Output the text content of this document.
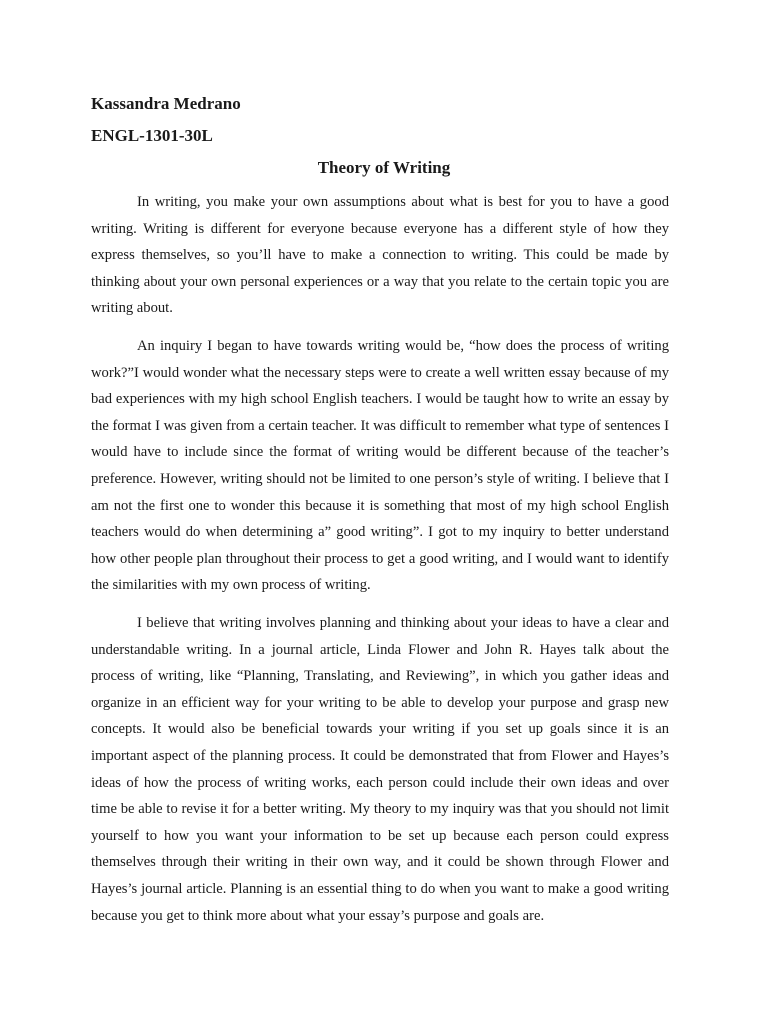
Kassandra Medrano
ENGL-1301-30L
Theory of Writing

In writing, you make your own assumptions about what is best for you to have a good writing. Writing is different for everyone because everyone has a different style of how they express themselves, so you’ll have to make a connection to writing. This could be made by thinking about your own personal experiences or a way that you relate to the certain topic you are writing about.

An inquiry I began to have towards writing would be, “how does the process of writing work?”I would wonder what the necessary steps were to create a well written essay because of my bad experiences with my high school English teachers. I would be taught how to write an essay by the format I was given from a certain teacher. It was difficult to remember what type of sentences I would have to include since the format of writing would be different because of the teacher’s preference. However, writing should not be limited to one person’s style of writing. I believe that I am not the first one to wonder this because it is something that most of my high school English teachers would do when determining a” good writing”. I got to my inquiry to better understand how other people plan throughout their process to get a good writing, and I would want to identify the similarities with my own process of writing.

I believe that writing involves planning and thinking about your ideas to have a clear and understandable writing. In a journal article, Linda Flower and John R. Hayes talk about the process of writing, like “Planning, Translating, and Reviewing”, in which you gather ideas and organize in an efficient way for your writing to be able to develop your purpose and grasp new concepts. It would also be beneficial towards your writing if you set up goals since it is an important aspect of the planning process. It could be demonstrated that from Flower and Hayes’s ideas of how the process of writing works, each person could include their own ideas and over time be able to revise it for a better writing. My theory to my inquiry was that you should not limit yourself to how you want your information to be set up because each person could express themselves through their writing in their own way, and it could be shown through Flower and Hayes’s journal article. Planning is an essential thing to do when you want to make a good writing because you get to think more about what your essay’s purpose and goals are.
